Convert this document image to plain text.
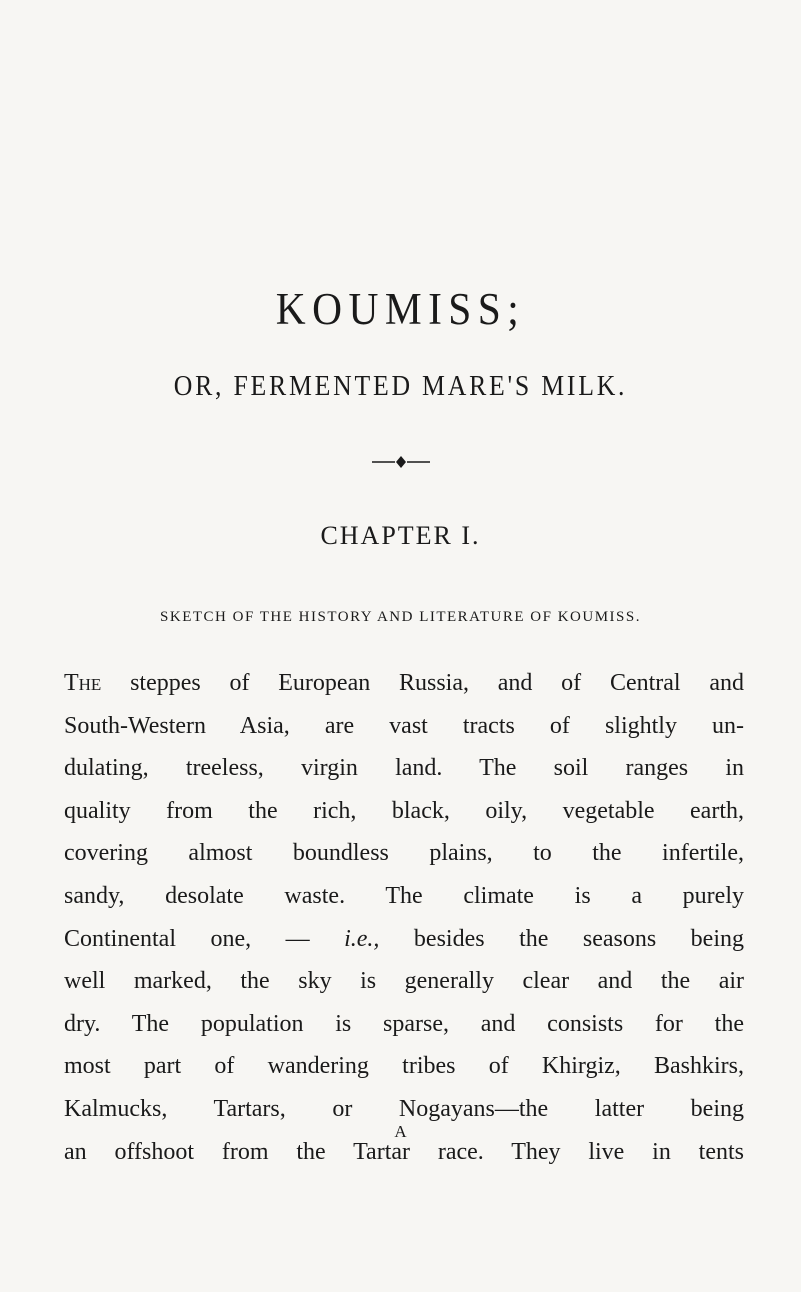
KOUMISS;
OR, FERMENTED MARE'S MILK.
CHAPTER I.

SKETCH OF THE HISTORY AND LITERATURE OF KOUMISS.

The steppes of European Russia, and of Central and
South-Western Asia, are vast tracts of slightly un-
dulating, treeless, virgin land. The soil ranges in
quality from the rich, black, oily, vegetable earth,
covering almost boundless plains, to the infertile,
sandy, desolate waste. The climate is a purely
Continental one, — i.e., besides the seasons being
well marked, the sky is generally clear and the air
dry. The population is sparse, and consists for the
most part of wandering tribes of Khirgiz, Bashkirs,
Kalmucks, Tartars, or Nogayans—the latter being
an offshoot from the Tartar race. They live in tents

A
